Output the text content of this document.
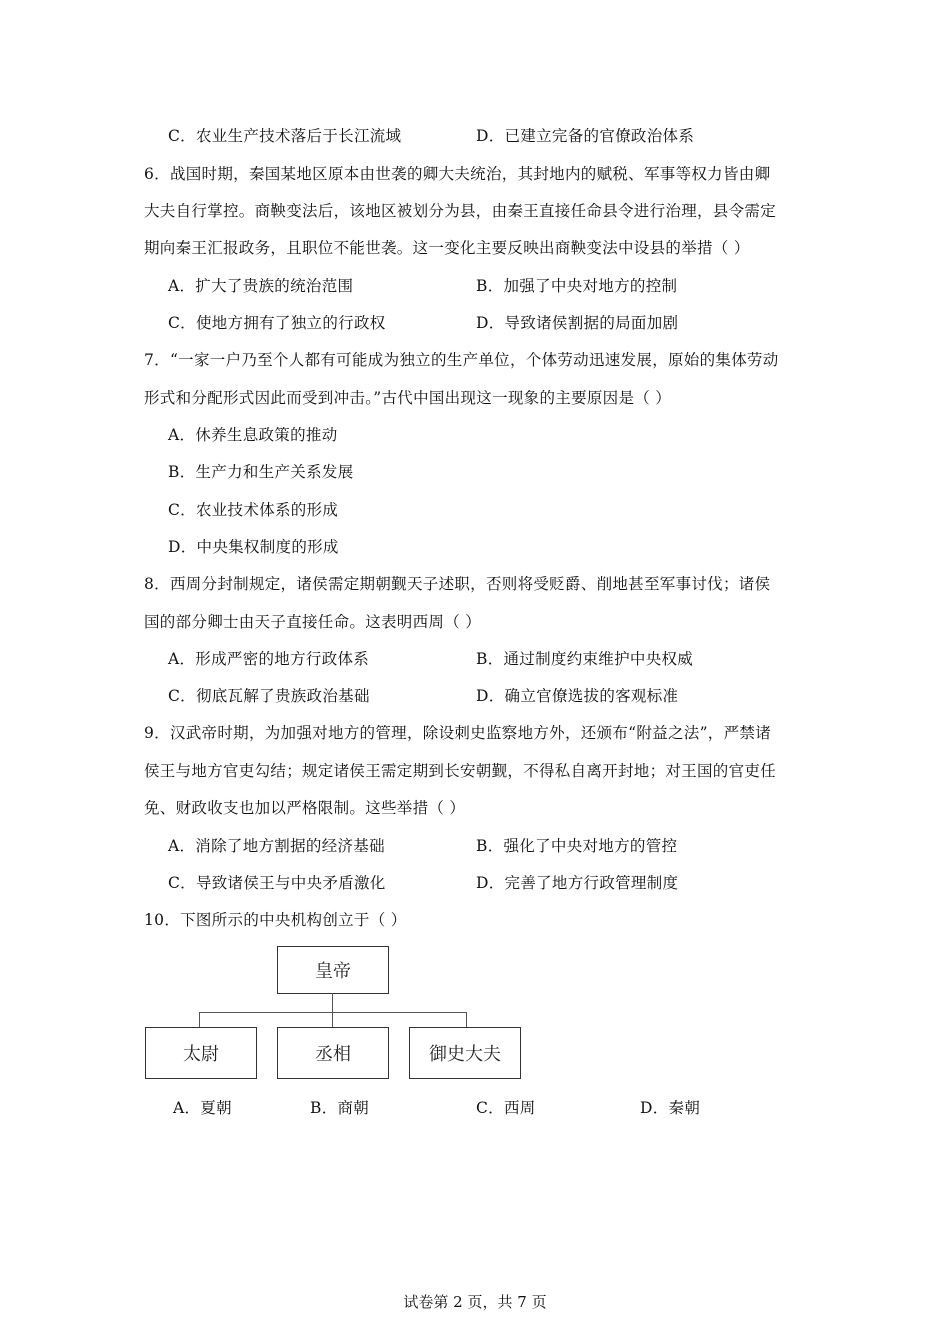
C．农业生产技术落后于长江流域	D．已建立完备的官僚政治体系
6．战国时期，秦国某地区原本由世袭的卿大夫统治，其封地内的赋税、军事等权力皆由卿
大夫自行掌控。商鞅变法后，该地区被划分为县，由秦王直接任命县令进行治理，县令需定
期向秦王汇报政务，且职位不能世袭。这一变化主要反映出商鞅变法中设县的举措（ ）
A．扩大了贵族的统治范围	B．加强了中央对地方的控制
C．使地方拥有了独立的行政权	D．导致诸侯割据的局面加剧
7．“一家一户乃至个人都有可能成为独立的生产单位，个体劳动迅速发展，原始的集体劳动
形式和分配形式因此而受到冲击。”古代中国出现这一现象的主要原因是（ ）
A．休养生息政策的推动
B．生产力和生产关系发展
C．农业技术体系的形成
D．中央集权制度的形成
8．西周分封制规定，诸侯需定期朝觐天子述职，否则将受贬爵、削地甚至军事讨伐；诸侯
国的部分卿士由天子直接任命。这表明西周（ ）
A．形成严密的地方行政体系	B．通过制度约束维护中央权威
C．彻底瓦解了贵族政治基础	D．确立官僚选拔的客观标准
9．汉武帝时期，为加强对地方的管理，除设刺史监察地方外，还颁布“附益之法”，严禁诸
侯王与地方官吏勾结；规定诸侯王需定期到长安朝觐，不得私自离开封地；对王国的官吏任
免、财政收支也加以严格限制。这些举措（ ）
A．消除了地方割据的经济基础	B．强化了中央对地方的管控
C．导致诸侯王与中央矛盾激化	D．完善了地方行政管理制度
10．下图所示的中央机构创立于（ ）
皇帝
太尉	丞相	御史大夫
A．夏朝	B．商朝	C．西周	D．秦朝
试卷第 2 页，共 7 页
